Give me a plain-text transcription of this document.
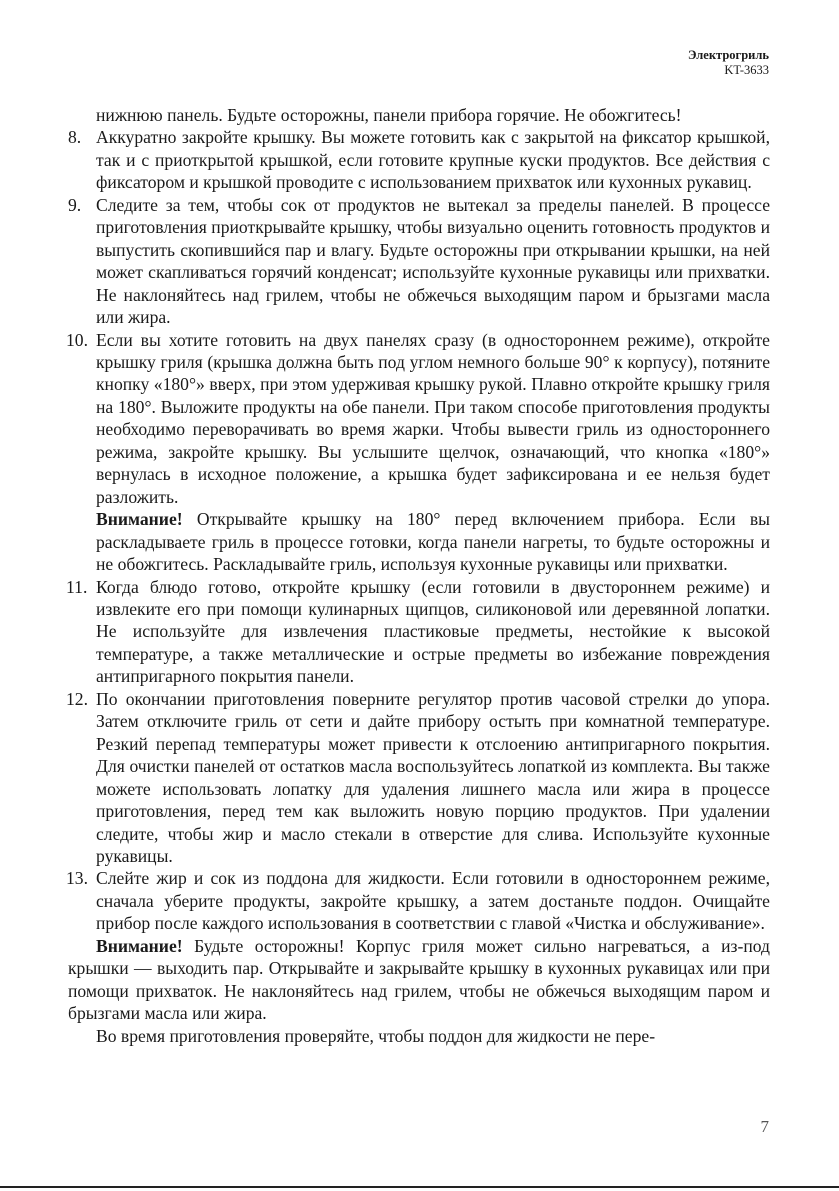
Электрогриль
KT-3633

нижнюю панель. Будьте осторожны, панели прибора горячие. Не обожгитесь!

8. Аккуратно закройте крышку. Вы можете готовить как с закрытой на фиксатор крышкой, так и с приоткрытой крышкой, если готовите крупные куски продуктов. Все действия с фиксатором и крышкой проводите с использованием прихваток или кухонных рукавиц.

9. Следите за тем, чтобы сок от продуктов не вытекал за пределы панелей. В процессе приготовления приоткрывайте крышку, чтобы визуально оценить готовность продуктов и выпустить скопившийся пар и влагу. Будьте осторожны при открывании крышки, на ней может скапливаться горячий конденсат; используйте кухонные рукавицы или прихватки. Не наклоняйтесь над грилем, чтобы не обжечься выходящим паром и брызгами масла или жира.

10. Если вы хотите готовить на двух панелях сразу (в одностороннем режиме), откройте крышку гриля (крышка должна быть под углом немного больше 90° к корпусу), потяните кнопку «180°» вверх, при этом удерживая крышку рукой. Плавно откройте крышку гриля на 180°. Выложите продукты на обе панели. При таком способе приготовления продукты необходимо переворачивать во время жарки. Чтобы вывести гриль из одностороннего режима, закройте крышку. Вы услышите щелчок, означающий, что кнопка «180°» вернулась в исходное положение, а крышка будет зафиксирована и ее нельзя будет разложить.

Внимание! Открывайте крышку на 180° перед включением прибора. Если вы раскладываете гриль в процессе готовки, когда панели нагреты, то будьте осторожны и не обожгитесь. Раскладывайте гриль, используя кухонные рукавицы или прихватки.

11. Когда блюдо готово, откройте крышку (если готовили в двустороннем режиме) и извлеките его при помощи кулинарных щипцов, силиконовой или деревянной лопатки. Не используйте для извлечения пластиковые предметы, нестойкие к высокой температуре, а также металлические и острые предметы во избежание повреждения антипригарного покрытия панели.

12. По окончании приготовления поверните регулятор против часовой стрелки до упора. Затем отключите гриль от сети и дайте прибору остыть при комнатной температуре. Резкий перепад температуры может привести к отслоению антипригарного покрытия. Для очистки панелей от остатков масла воспользуйтесь лопаткой из комплекта. Вы также можете использовать лопатку для удаления лишнего масла или жира в процессе приготовления, перед тем как выложить новую порцию продуктов. При удалении следите, чтобы жир и масло стекали в отверстие для слива. Используйте кухонные рукавицы.

13. Слейте жир и сок из поддона для жидкости. Если готовили в одностороннем режиме, сначала уберите продукты, закройте крышку, а затем достаньте поддон. Очищайте прибор после каждого использования в соответствии с главой «Чистка и обслуживание».

Внимание! Будьте осторожны! Корпус гриля может сильно нагреваться, а из-под крышки — выходить пар. Открывайте и закрывайте крышку в кухонных рукавицах или при помощи прихваток. Не наклоняйтесь над грилем, чтобы не обжечься выходящим паром и брызгами масла или жира.

Во время приготовления проверяйте, чтобы поддон для жидкости не пере-

7
